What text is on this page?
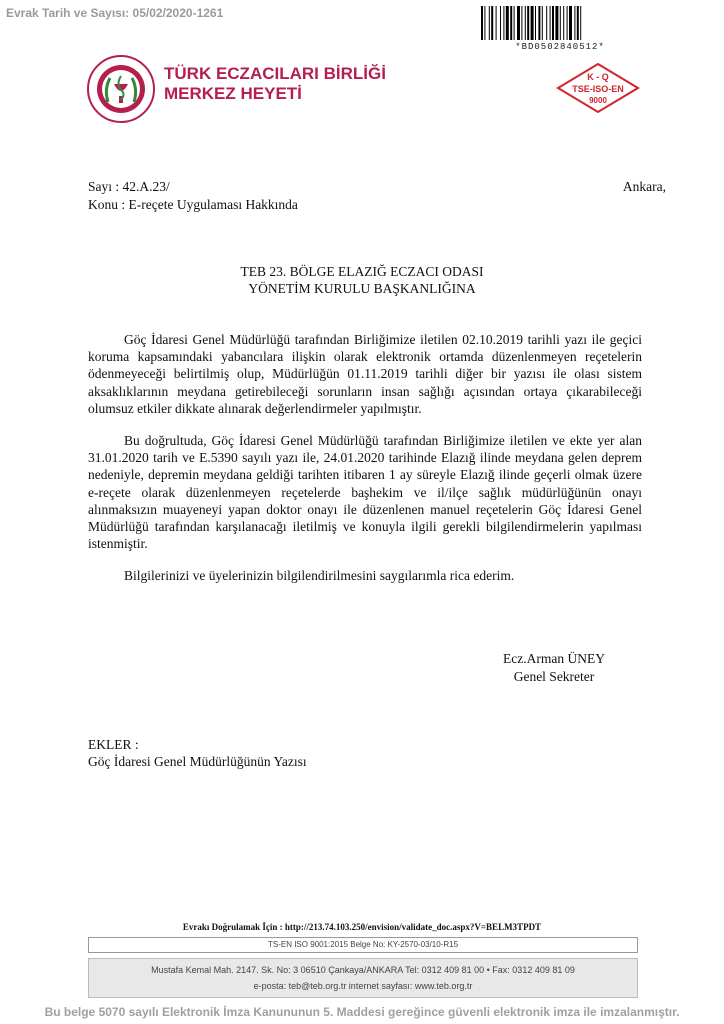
Evrak Tarih ve Sayısı: 05/02/2020-1261
*BD0502840512*
TÜRK ECZACILARI BİRLİĞİ
MERKEZ HEYETİ
K - Q
TSE-ISO-EN
9000
Sayı : 42.A.23/
Konu : E-reçete Uygulaması Hakkında
Ankara,
TEB 23. BÖLGE ELAZIĞ ECZACI ODASI
YÖNETİM KURULU BAŞKANLIĞINA
Göç İdaresi Genel Müdürlüğü tarafından Birliğimize iletilen 02.10.2019 tarihli yazı ile geçici koruma kapsamındaki yabancılara ilişkin olarak elektronik ortamda düzenlenmeyen reçetelerin ödenmeyeceği belirtilmiş olup, Müdürlüğün 01.11.2019 tarihli diğer bir yazısı ile olası sistem aksaklıklarının meydana getirebileceği sorunların insan sağlığı açısından ortaya çıkarabileceği olumsuz etkiler dikkate alınarak değerlendirmeler yapılmıştır.
Bu doğrultuda, Göç İdaresi Genel Müdürlüğü tarafından Birliğimize iletilen ve ekte yer alan 31.01.2020 tarih ve E.5390 sayılı yazı ile, 24.01.2020 tarihinde Elazığ ilinde meydana gelen deprem nedeniyle, depremin meydana geldiği tarihten itibaren 1 ay süreyle Elazığ ilinde geçerli olmak üzere e-reçete olarak düzenlenmeyen reçetelerde başhekim ve il/ilçe sağlık müdürlüğünün onayı alınmaksızın muayeneyi yapan doktor onayı ile düzenlenen manuel reçetelerin Göç İdaresi Genel Müdürlüğü tarafından karşılanacağı iletilmiş ve konuyla ilgili gerekli bilgilendirmelerin yapılması istenmiştir.
Bilgilerinizi ve üyelerinizin bilgilendirilmesini saygılarımla rica ederim.
Ecz.Arman ÜNEY
Genel Sekreter
EKLER :
Göç İdaresi Genel Müdürlüğünün Yazısı
Evrakı Doğrulamak İçin : http://213.74.103.250/envision/validate_doc.aspx?V=BELM3TPDT
TS-EN ISO 9001:2015 Belge No: KY-2570-03/10-R15
Mustafa Kemal Mah. 2147. Sk. No: 3 06510 Çankaya/ANKARA Tel: 0312 409 81 00 • Fax: 0312 409 81 09
e-posta: teb@teb.org.tr internet sayfası: www.teb.org.tr
Bu belge 5070 sayılı Elektronik İmza Kanununun 5. Maddesi gereğince güvenli elektronik imza ile imzalanmıştır.
